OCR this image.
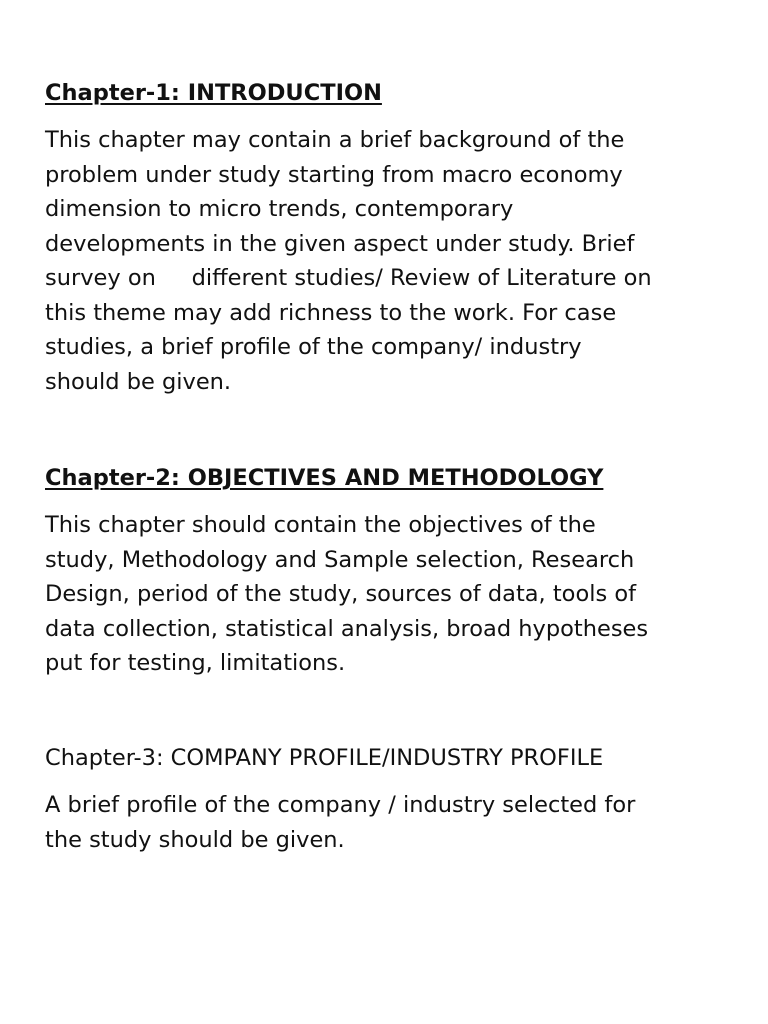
Chapter-1: INTRODUCTION

This chapter may contain a brief background of the
problem under study starting from macro economy
dimension to micro trends, contemporary
developments in the given aspect under study. Brief
survey on     different studies/ Review of Literature on
this theme may add richness to the work. For case
studies, a brief profile of the company/ industry
should be given.

Chapter-2: OBJECTIVES AND METHODOLOGY

This chapter should contain the objectives of the
study, Methodology and Sample selection, Research
Design, period of the study, sources of data, tools of
data collection, statistical analysis, broad hypotheses
put for testing, limitations.

Chapter-3: COMPANY PROFILE/INDUSTRY PROFILE

A brief profile of the company / industry selected for
the study should be given.
